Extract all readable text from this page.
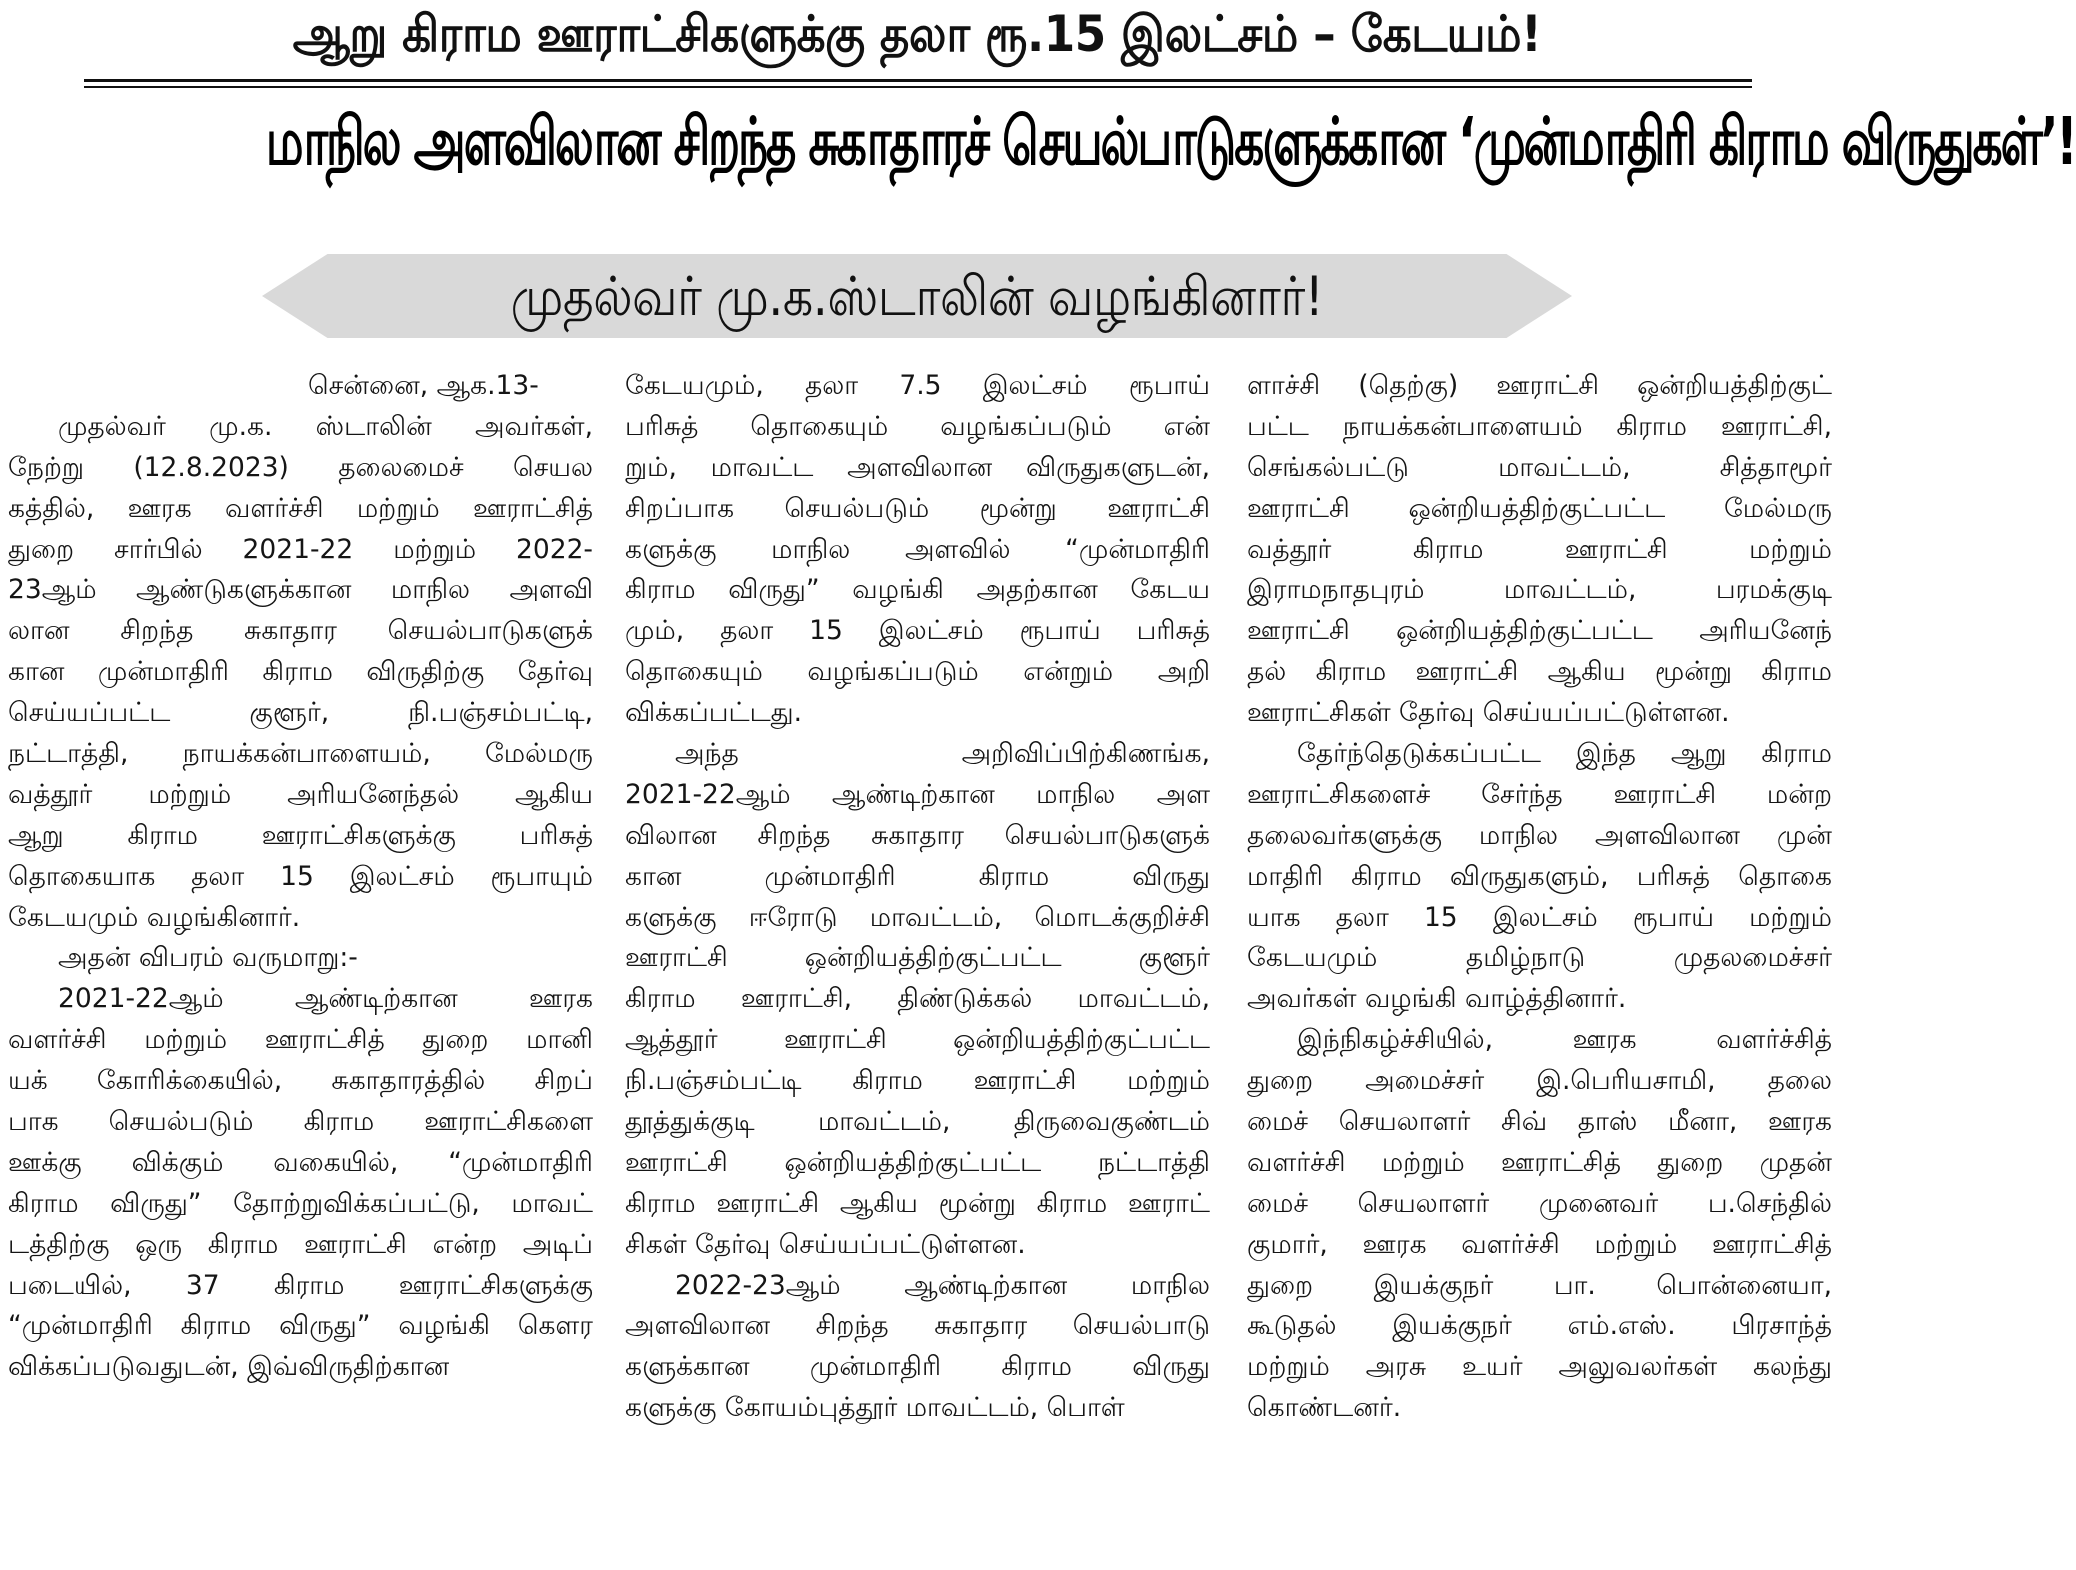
ஆறு கிராம ஊராட்சிகளுக்கு தலா ரூ.15 இலட்சம் – கேடயம்!
மாநில அளவிலான சிறந்த சுகாதாரச் செயல்பாடுகளுக்கான ‘முன்மாதிரி கிராம விருதுகள்’!
முதல்வர் மு.க.ஸ்டாலின் வழங்கினார்!
சென்னை, ஆக.13-
முதல்வர் மு.க. ஸ்டாலின் அவர்கள்,
நேற்று (12.8.2023) தலைமைச் செயல
கத்தில், ஊரக வளர்ச்சி மற்றும் ஊராட்சித்
துறை சார்பில் 2021-22 மற்றும் 2022-
23ஆம் ஆண்டுகளுக்கான மாநில அளவி
லான சிறந்த சுகாதார செயல்பாடுகளுக்
கான முன்மாதிரி கிராம விருதிற்கு தேர்வு
செய்யப்பட்ட குளூர், நி.பஞ்சம்பட்டி,
நட்டாத்தி, நாயக்கன்பாளையம், மேல்மரு
வத்தூர் மற்றும் அரியனேந்தல் ஆகிய
ஆறு கிராம ஊராட்சிகளுக்கு பரிசுத்
தொகையாக தலா 15 இலட்சம் ரூபாயும்
கேடயமும் வழங்கினார்.
அதன் விபரம் வருமாறு:-
2021-22ஆம் ஆண்டிற்கான ஊரக
வளர்ச்சி மற்றும் ஊராட்சித் துறை மானி
யக் கோரிக்கையில், சுகாதாரத்தில் சிறப்
பாக செயல்படும் கிராம ஊராட்சிகளை
ஊக்கு விக்கும் வகையில், “முன்மாதிரி
கிராம விருது” தோற்றுவிக்கப்பட்டு, மாவட்
டத்திற்கு ஒரு கிராம ஊராட்சி என்ற அடிப்
படையில், 37 கிராம ஊராட்சிகளுக்கு
“முன்மாதிரி கிராம விருது” வழங்கி கௌர
விக்கப்படுவதுடன், இவ்விருதிற்கான
கேடயமும், தலா 7.5 இலட்சம் ரூபாய்
பரிசுத் தொகையும் வழங்கப்படும் என்
றும், மாவட்ட அளவிலான விருதுகளுடன்,
சிறப்பாக செயல்படும் மூன்று ஊராட்சி
களுக்கு மாநில அளவில் “முன்மாதிரி
கிராம விருது” வழங்கி அதற்கான கேடய
மும், தலா 15 இலட்சம் ரூபாய் பரிசுத்
தொகையும் வழங்கப்படும் என்றும் அறி
விக்கப்பட்டது.
அந்த அறிவிப்பிற்கிணங்க,
2021-22ஆம் ஆண்டிற்கான மாநில அள
விலான சிறந்த சுகாதார செயல்பாடுகளுக்
கான முன்மாதிரி கிராம விருது
களுக்கு ஈரோடு மாவட்டம், மொடக்குறிச்சி
ஊராட்சி ஒன்றியத்திற்குட்பட்ட குளூர்
கிராம ஊராட்சி, திண்டுக்கல் மாவட்டம்,
ஆத்தூர் ஊராட்சி ஒன்றியத்திற்குட்பட்ட
நி.பஞ்சம்பட்டி கிராம ஊராட்சி மற்றும்
தூத்துக்குடி மாவட்டம், திருவைகுண்டம்
ஊராட்சி ஒன்றியத்திற்குட்பட்ட நட்டாத்தி
கிராம ஊராட்சி ஆகிய மூன்று கிராம ஊராட்
சிகள் தேர்வு செய்யப்பட்டுள்ளன.
2022-23ஆம் ஆண்டிற்கான மாநில
அளவிலான சிறந்த சுகாதார செயல்பாடு
களுக்கான முன்மாதிரி கிராம விருது
களுக்கு கோயம்புத்தூர் மாவட்டம், பொள்
ளாச்சி (தெற்கு) ஊராட்சி ஒன்றியத்திற்குட்
பட்ட நாயக்கன்பாளையம் கிராம ஊராட்சி,
செங்கல்பட்டு மாவட்டம், சித்தாமூர்
ஊராட்சி ஒன்றியத்திற்குட்பட்ட மேல்மரு
வத்தூர் கிராம ஊராட்சி மற்றும்
இராமநாதபுரம் மாவட்டம், பரமக்குடி
ஊராட்சி ஒன்றியத்திற்குட்பட்ட அரியனேந்
தல் கிராம ஊராட்சி ஆகிய மூன்று கிராம
ஊராட்சிகள் தேர்வு செய்யப்பட்டுள்ளன.
தேர்ந்தெடுக்கப்பட்ட இந்த ஆறு கிராம
ஊராட்சிகளைச் சேர்ந்த ஊராட்சி மன்ற
தலைவர்களுக்கு மாநில அளவிலான முன்
மாதிரி கிராம விருதுகளும், பரிசுத் தொகை
யாக தலா 15 இலட்சம் ரூபாய் மற்றும்
கேடயமும் தமிழ்நாடு முதலமைச்சர்
அவர்கள் வழங்கி வாழ்த்தினார்.
இந்நிகழ்ச்சியில், ஊரக வளர்ச்சித்
துறை அமைச்சர் இ.பெரியசாமி, தலை
மைச் செயலாளர் சிவ் தாஸ் மீனா, ஊரக
வளர்ச்சி மற்றும் ஊராட்சித் துறை முதன்
மைச் செயலாளர் முனைவர் ப.செந்தில்
குமார், ஊரக வளர்ச்சி மற்றும் ஊராட்சித்
துறை இயக்குநர் பா. பொன்னையா,
கூடுதல் இயக்குநர் எம்.எஸ். பிரசாந்த்
மற்றும் அரசு உயர் அலுவலர்கள் கலந்து
கொண்டனர்.
